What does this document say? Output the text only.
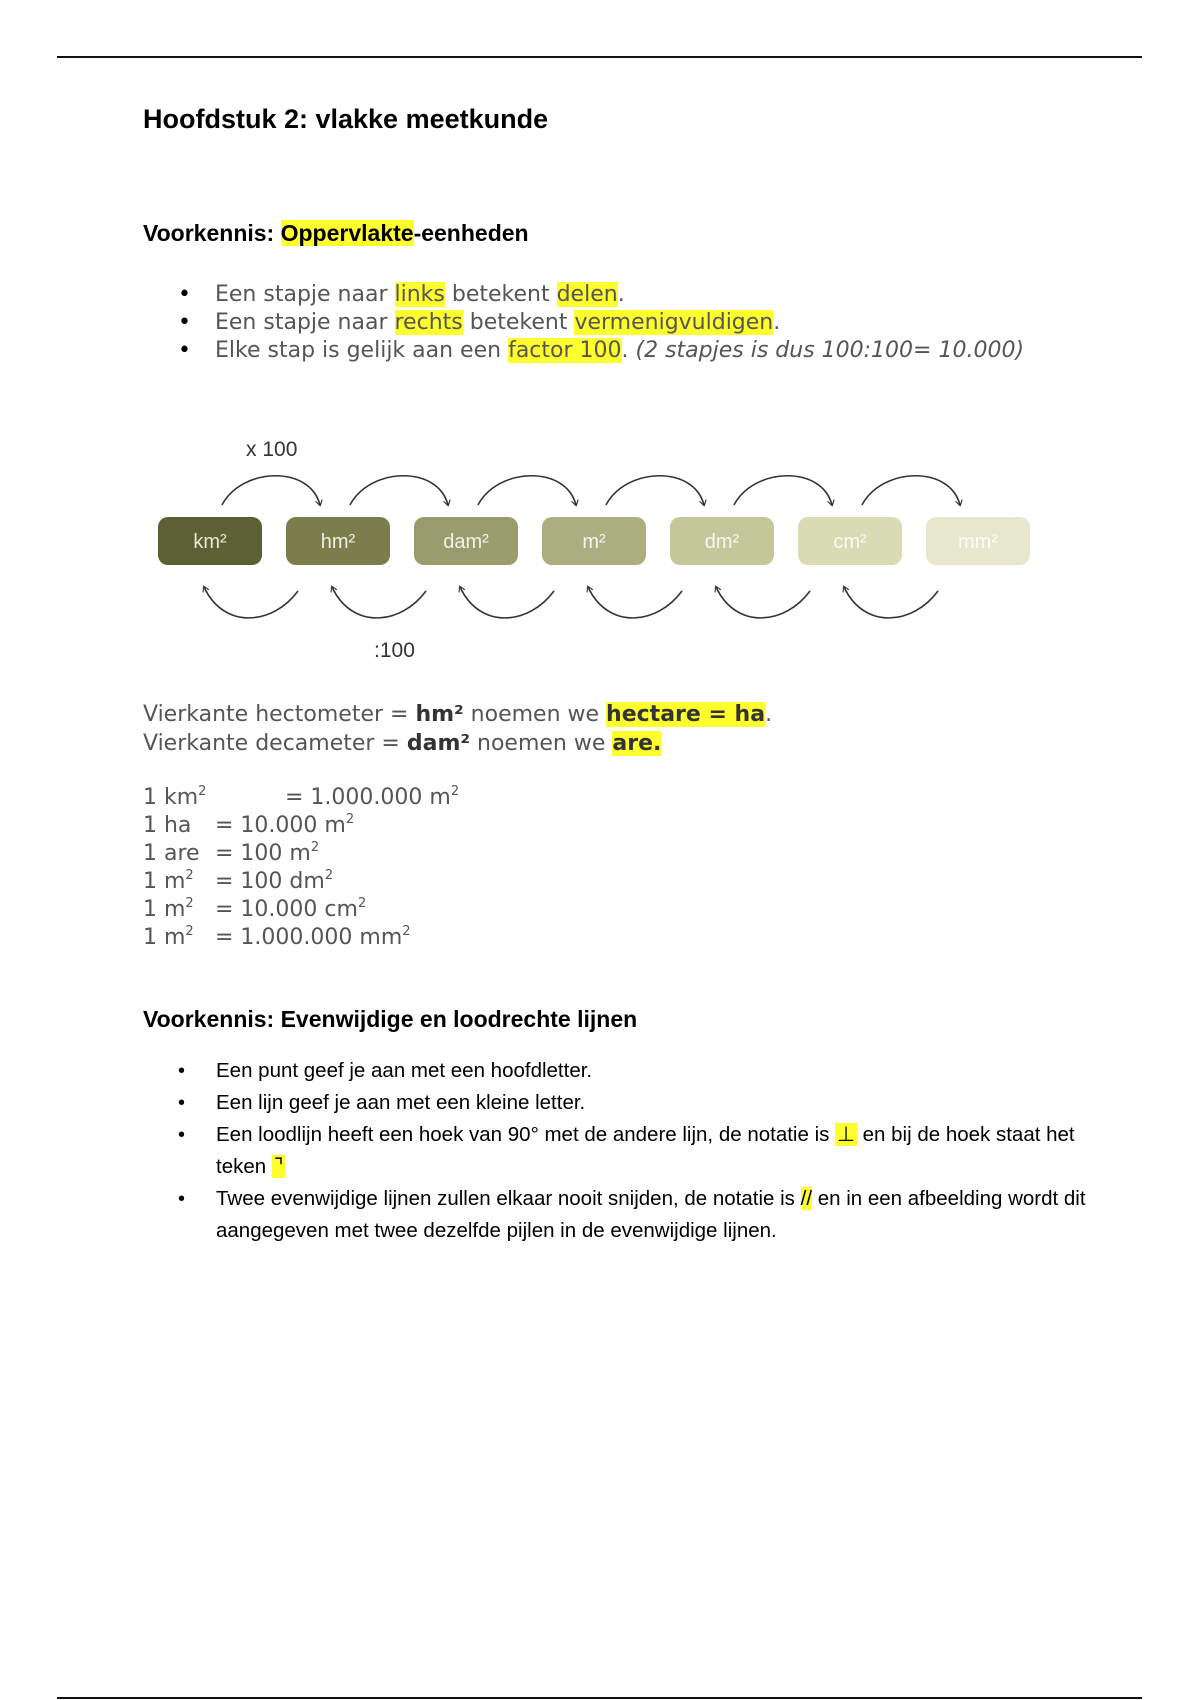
Hoofdstuk 2: vlakke meetkunde
Voorkennis: Oppervlakte-eenheden
• Een stapje naar links betekent delen.
• Een stapje naar rechts betekent vermenigvuldigen.
• Elke stap is gelijk aan een factor 100. (2 stapjes is dus 100:100= 10.000)
x 100
:100
km²	hm²	dam²	m²	dm²	cm²	mm²
Vierkante hectometer = hm² noemen we hectare = ha.
Vierkante decameter = dam² noemen we are.
1 $km^2$	= 1.000.000 $m^2$
1 ha = 10.000 $m^2$
1 are = 100 $m^2$
1 $m^2 = 100$ $dm^2$
1 $m^2 = 10.000$ $cm^2$
1 $m^2 = 1.000.000$ $mm^2$
Voorkennis: Evenwijdige en loodrechte lijnen
• Een punt geef je aan met een hoofdletter.
• Een lijn geef je aan met een kleine letter.
• Een loodlijn heeft een hoek van 90° met de andere lijn, de notatie is ⊥ en bij de hoek staat het teken ⌝
• Twee evenwijdige lijnen zullen elkaar nooit snijden, de notatie is // en in een afbeelding wordt dit aangegeven met twee dezelfde pijlen in de evenwijdige lijnen.
